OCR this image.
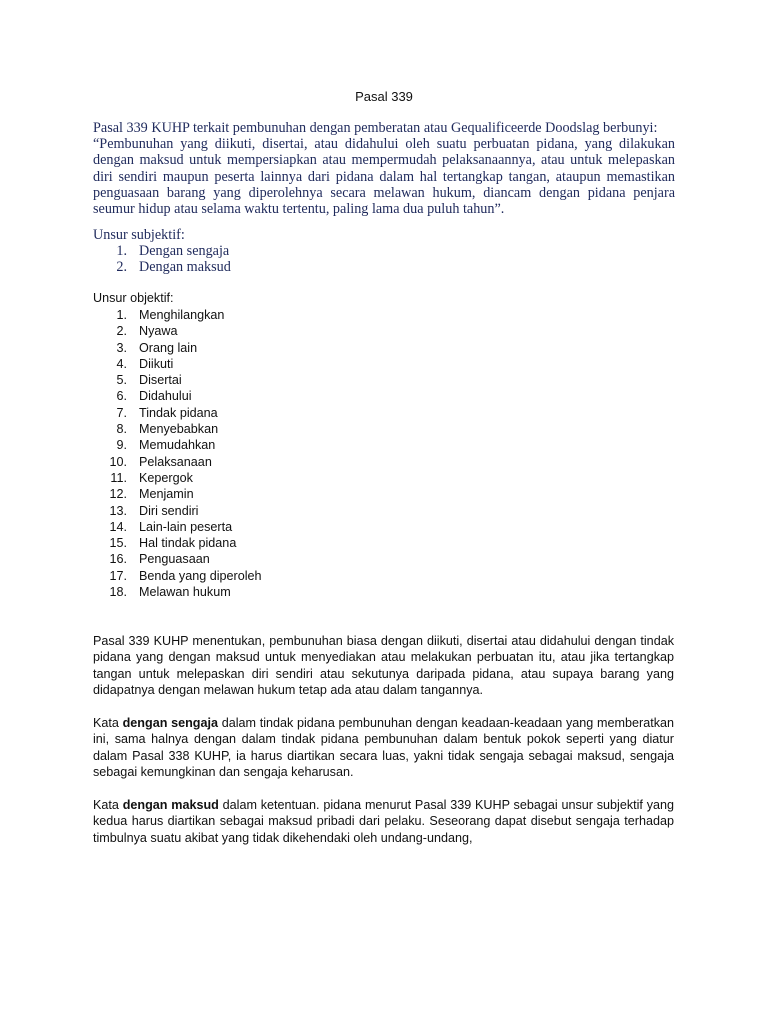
Pasal 339
Pasal 339 KUHP terkait pembunuhan dengan pemberatan atau Gequalificeerde Doodslag berbunyi:
“Pembunuhan yang diikuti, disertai, atau didahului oleh suatu perbuatan pidana, yang dilakukan dengan maksud untuk mempersiapkan atau mempermudah pelaksanaannya, atau untuk melepaskan diri sendiri maupun peserta lainnya dari pidana dalam hal tertangkap tangan, ataupun memastikan penguasaan barang yang diperolehnya secara melawan hukum, diancam dengan pidana penjara seumur hidup atau selama waktu tertentu, paling lama dua puluh tahun”.

Unsur subjektif:

1. Dengan sengaja
2. Dengan maksud

Unsur objektif:

1. Menghilangkan
2. Nyawa
3. Orang lain
4. Diikuti
5. Disertai
6. Didahului
7. Tindak pidana
8. Menyebabkan
9. Memudahkan
10. Pelaksanaan
11. Kepergok
12. Menjamin
13. Diri sendiri
14. Lain-lain peserta
15. Hal tindak pidana
16. Penguasaan
17. Benda yang diperoleh
18. Melawan hukum

Pasal 339 KUHP menentukan, pembunuhan biasa dengan diikuti, disertai atau didahului dengan tindak pidana yang dengan maksud untuk menyediakan atau melakukan perbuatan itu, atau jika tertangkap tangan untuk melepaskan diri sendiri atau sekutunya daripada pidana, atau supaya barang yang didapatnya dengan melawan hukum tetap ada atau dalam tangannya.

Kata dengan sengaja dalam tindak pidana pembunuhan dengan keadaan-keadaan yang memberatkan ini, sama halnya dengan dalam tindak pidana pembunuhan dalam bentuk pokok seperti yang diatur dalam Pasal 338 KUHP, ia harus diartikan secara luas, yakni tidak sengaja sebagai maksud, sengaja sebagai kemungkinan dan sengaja keharusan.

Kata dengan maksud dalam ketentuan. pidana menurut Pasal 339 KUHP sebagai unsur subjektif yang kedua harus diartikan sebagai maksud pribadi dari pelaku. Seseorang dapat disebut sengaja terhadap timbulnya suatu akibat yang tidak dikehendaki oleh undang-undang,
